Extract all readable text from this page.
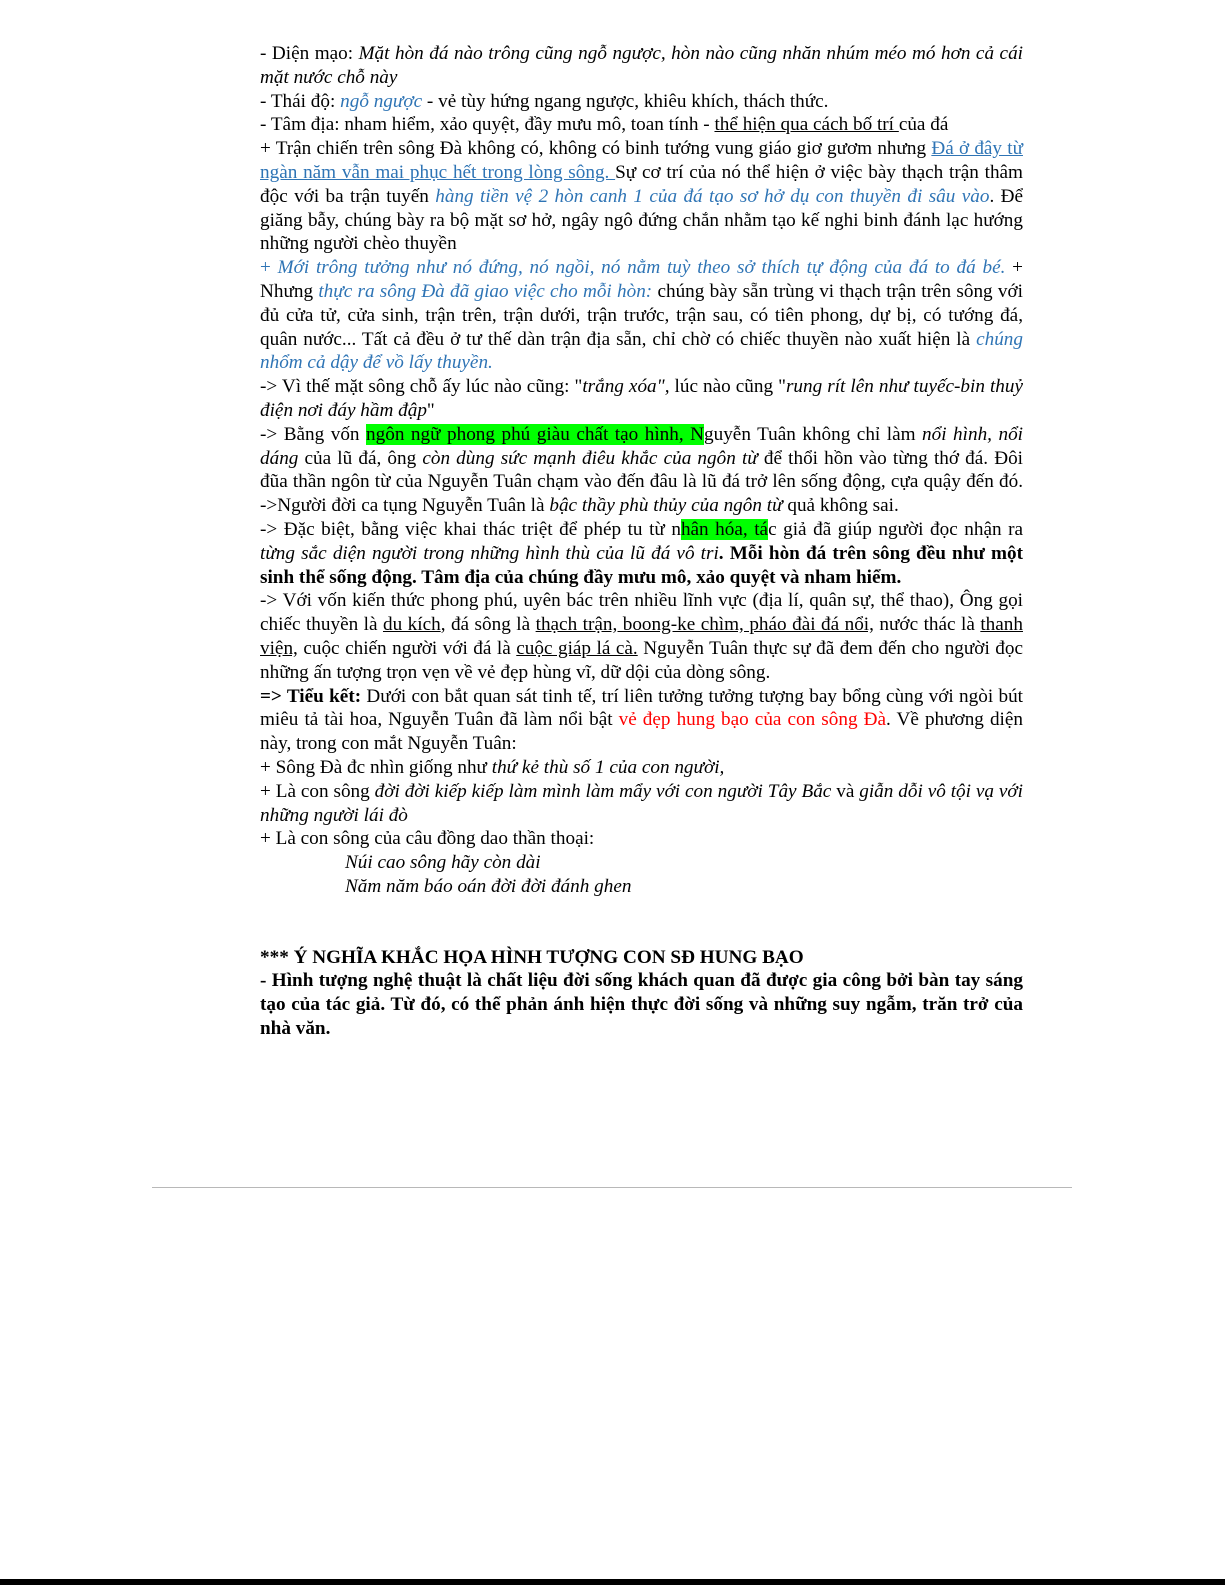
- Diện mạo: Mặt hòn đá nào trông cũng ngỗ ngược, hòn nào cũng nhăn nhúm méo mó hơn cả cái mặt nước chỗ này

- Thái độ: ngỗ ngược - vẻ tùy hứng ngang ngược, khiêu khích, thách thức.

- Tâm địa: nham hiểm, xảo quyệt, đầy mưu mô, toan tính - thể hiện qua cách bố trí của đá

+ Trận chiến trên sông Đà không có, không có binh tướng vung giáo giơ gươm nhưng Đá ở đây từ ngàn năm vẫn mai phục hết trong lòng sông. Sự cơ trí của nó thể hiện ở việc bày thạch trận thâm độc với ba trận tuyến hàng tiền vệ 2 hòn canh 1 của đá tạo sơ hở dụ con thuyền đi sâu vào. Để giăng bẫy, chúng bày ra bộ mặt sơ hở, ngây ngô đứng chắn nhằm tạo kế nghi binh đánh lạc hướng những người chèo thuyền

+ Mới trông tưởng như nó đứng, nó ngồi, nó nằm tuỳ theo sở thích tự động của đá to đá bé. + Nhưng thực ra sông Đà đã giao việc cho mỗi hòn: chúng bày sẵn trùng vi thạch trận trên sông với đủ cửa tử, cửa sinh, trận trên, trận dưới, trận trước, trận sau, có tiên phong, dự bị, có tướng đá, quân nước... Tất cả đều ở tư thế dàn trận địa sẵn, chỉ chờ có chiếc thuyền nào xuất hiện là chúng nhổm cả dậy để vồ lấy thuyền.

-> Vì thế mặt sông chỗ ấy lúc nào cũng: "trắng xóa", lúc nào cũng "rung rít lên như tuyếc-bin thuỷ điện nơi đáy hầm đập"

-> Bằng vốn ngôn ngữ phong phú giàu chất tạo hình, Nguyễn Tuân không chỉ làm nổi hình, nổi dáng của lũ đá, ông còn dùng sức mạnh điêu khắc của ngôn từ để thổi hồn vào từng thớ đá. Đôi đũa thần ngôn từ của Nguyễn Tuân chạm vào đến đâu là lũ đá trở lên sống động, cựa quậy đến đó. ->Người đời ca tụng Nguyễn Tuân là bậc thầy phù thủy của ngôn từ quả không sai.

-> Đặc biệt, bằng việc khai thác triệt để phép tu từ nhân hóa, tác giả đã giúp người đọc nhận ra từng sắc diện người trong những hình thù của lũ đá vô tri. Mỗi hòn đá trên sông đều như một sinh thể sống động. Tâm địa của chúng đầy mưu mô, xảo quyệt và nham hiểm.

-> Với vốn kiến thức phong phú, uyên bác trên nhiều lĩnh vực (địa lí, quân sự, thể thao), Ông gọi chiếc thuyền là du kích, đá sông là thạch trận, boong-ke chìm, pháo đài đá nổi, nước thác là thanh viện, cuộc chiến người với đá là cuộc giáp lá cà. Nguyễn Tuân thực sự đã đem đến cho người đọc những ấn tượng trọn vẹn về vẻ đẹp hùng vĩ, dữ dội của dòng sông.

=> Tiểu kết: Dưới con bắt quan sát tinh tế, trí liên tưởng tưởng tượng bay bổng cùng với ngòi bút miêu tả tài hoa, Nguyễn Tuân đã làm nổi bật vẻ đẹp hung bạo của con sông Đà. Về phương diện này, trong con mắt Nguyễn Tuân:

+ Sông Đà đc nhìn giống như thứ kẻ thù số 1 của con người,

+ Là con sông đời đời kiếp kiếp làm mình làm mẩy với con người Tây Bắc và giẫn dỗi vô tội vạ với những người lái đò

+ Là con sông của câu đồng dao thần thoại:

Núi cao sông hãy còn dài

Năm năm báo oán đời đời đánh ghen

*** Ý NGHĨA KHẮC HỌA HÌNH TƯỢNG CON SĐ HUNG BẠO

- Hình tượng nghệ thuật là chất liệu đời sống khách quan đã được gia công bởi bàn tay sáng tạo của tác giả. Từ đó, có thể phản ánh hiện thực đời sống và những suy ngẫm, trăn trở của nhà văn.
